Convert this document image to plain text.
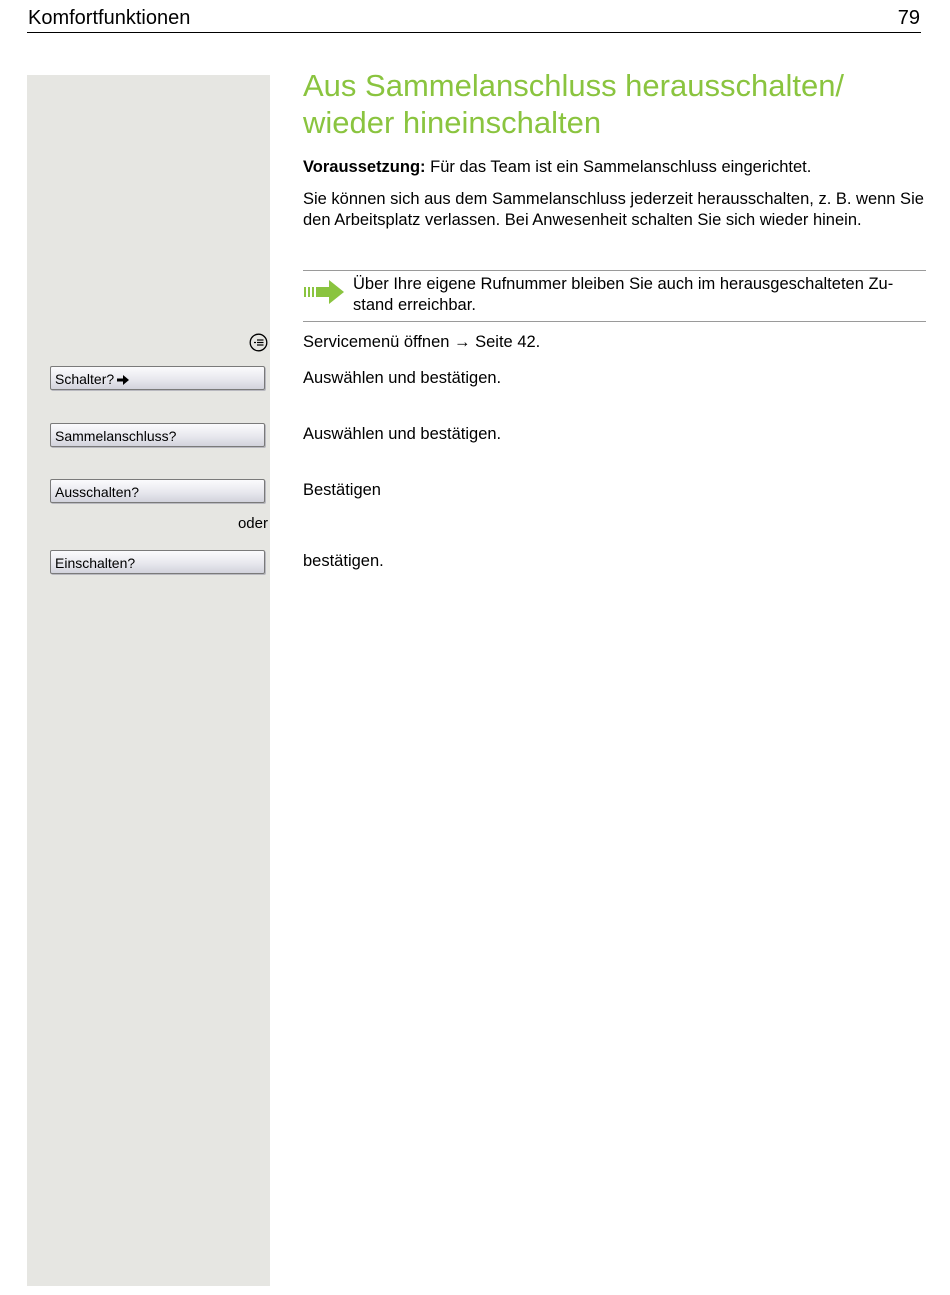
Komfortfunktionen	79
Aus Sammelanschluss herausschalten/
wieder hineinschalten
Voraussetzung: Für das Team ist ein Sammelanschluss eingerichtet.
Sie können sich aus dem Sammelanschluss jederzeit herausschalten, z. B. wenn Sie den Arbeitsplatz verlassen. Bei Anwesenheit schalten Sie sich wieder hinein.
Über Ihre eigene Rufnummer bleiben Sie auch im herausgeschalteten Zu-
stand erreichbar.
Servicemenü öffnen → Seite 42.
Schalter?	Auswählen und bestätigen.
Sammelanschluss?	Auswählen und bestätigen.
Ausschalten?	Bestätigen
oder
Einschalten?	bestätigen.
